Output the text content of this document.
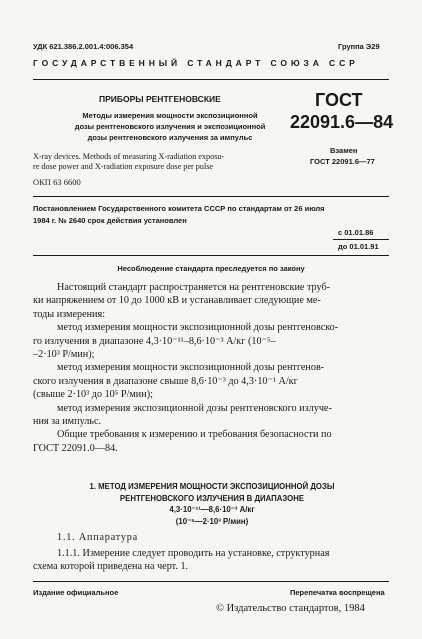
УДК 621.386.2.001.4:006.354	Группа Э29
ГОСУДАРСТВЕННЫЙ СТАНДАРТ СОЮЗА ССР
ПРИБОРЫ РЕНТГЕНОВСКИЕ

Методы измерения мощности экспозиционной

дозы рентгеновского излучения и экспозиционной

дозы рентгеновского излучения за импульс

X-ray devices. Methods of measuring X-radiation exposu-

re dose power and X-radiation exposure dose per pulse

ОКП 63 6600
ГОСТ
22091.6—84
Взамен
ГОСТ 22091.6—77

Постановлением Государственного комитета СССР по стандартам от 26 июля

1984 г. № 2640 срок действия установлен

с 01.01.86
до 01.01.91
Несоблюдение стандарта преследуется по закону

Настоящий стандарт распространяется на рентгеновские труб-

ки напряжением от 10 до 1000 кВ и устанавливает следующие ме-

тоды измерения:

метод измерения мощности экспозиционной дозы рентгеновско-

го излучения в диапазоне 4,3·10⁻¹¹–8,6·10⁻³ А/кг (10⁻⁵–

–2·10³ Р/мин);

метод измерения мощности экспозиционной дозы рентгенов-

ского излучения в диапазоне свыше 8,6·10⁻³ до 4,3·10⁻¹ А/кг

(свыше 2·10³ до 10⁵ Р/мин);

метод измерения экспозиционной дозы рентгеновского излуче-

ния за импульс.

Общие требования к измерению и требования безопасности по

ГОСТ 22091.0—84.

1. МЕТОД ИЗМЕРЕНИЯ МОЩНОСТИ ЭКСПОЗИЦИОННОЙ ДОЗЫ

РЕНТГЕНОВСКОГО ИЗЛУЧЕНИЯ В ДИАПАЗОНЕ

4,3·10⁻¹¹—8,6·10⁻³ А/кг

(10⁻⁵—2·10³ Р/мин)

1.1. Аппаратура

1.1.1. Измерение следует проводить на установке, структурная

схема которой приведена на черт. 1.

Издание официальное	Перепечатка воспрещена
© Издательство стандартов, 1984
